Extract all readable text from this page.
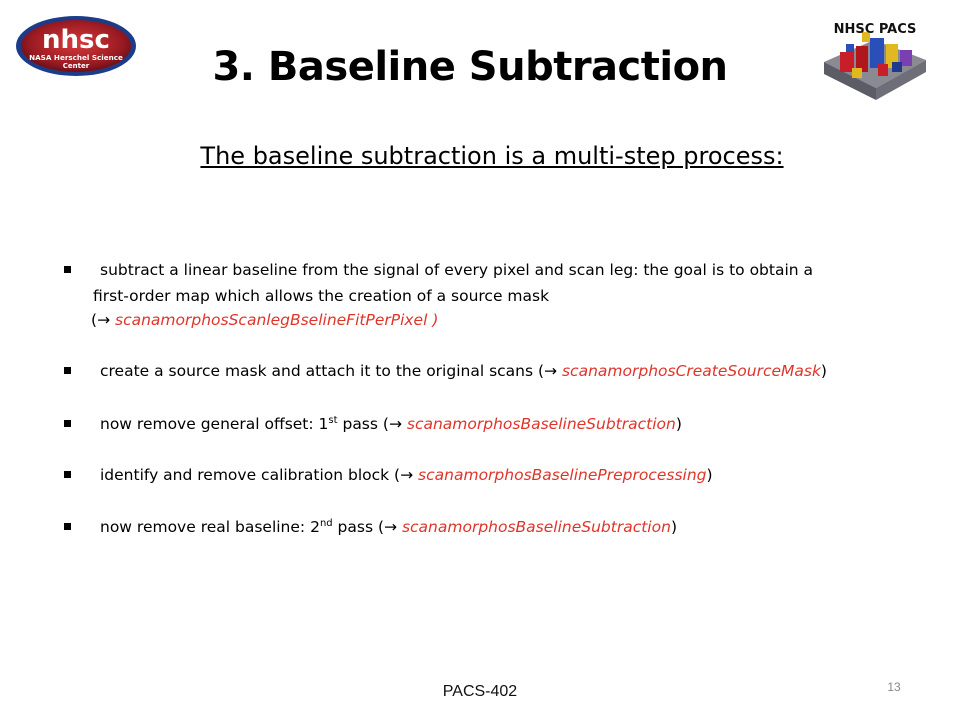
nhsc
NASA Herschel Science
Center
NHSC PACS
3. Baseline Subtraction
The baseline subtraction is a multi-step process:
subtract a linear baseline from the signal of every pixel and scan leg: the goal is to obtain a
first-order map which allows the creation of a source mask
(→ scanamorphosScanlegBselineFitPerPixel )
create a source mask and attach it to the original scans (→ scanamorphosCreateSourceMask)
now remove general offset: 1st pass (→ scanamorphosBaselineSubtraction)
identify and remove calibration block (→ scanamorphosBaselinePreprocessing)
now remove real baseline: 2nd pass (→ scanamorphosBaselineSubtraction)
PACS-402	13
